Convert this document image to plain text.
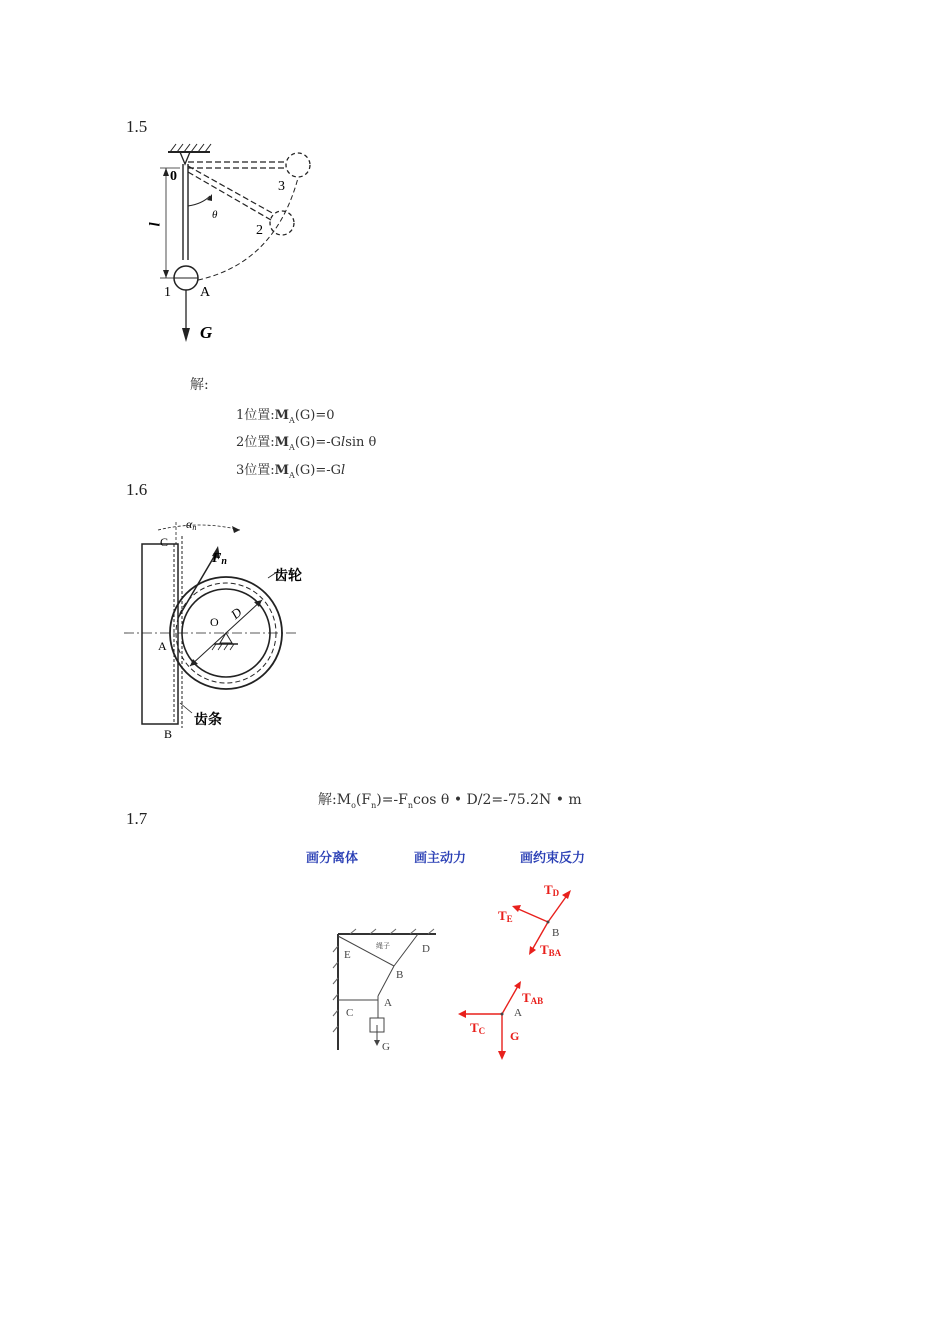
1.5
0
l
θ
1 A
2
3
G
解:
1位置$:M_A(G)=0$
2位置$:M_A(G)=$-Glsin θ
3位置$:M_A(G)=-Gl$
1.6
C
αn
Fn
齿轮
D
O
A
齿条
B
解$:M_o(F_n)=-F_n\cos$ θ • D/2=-75.2N • m
1.7
画分离体	画主动力	画约束反力
E	D
绳子
B
A
C
G
TD
TE
TBA
TAB
TC G
B
A
